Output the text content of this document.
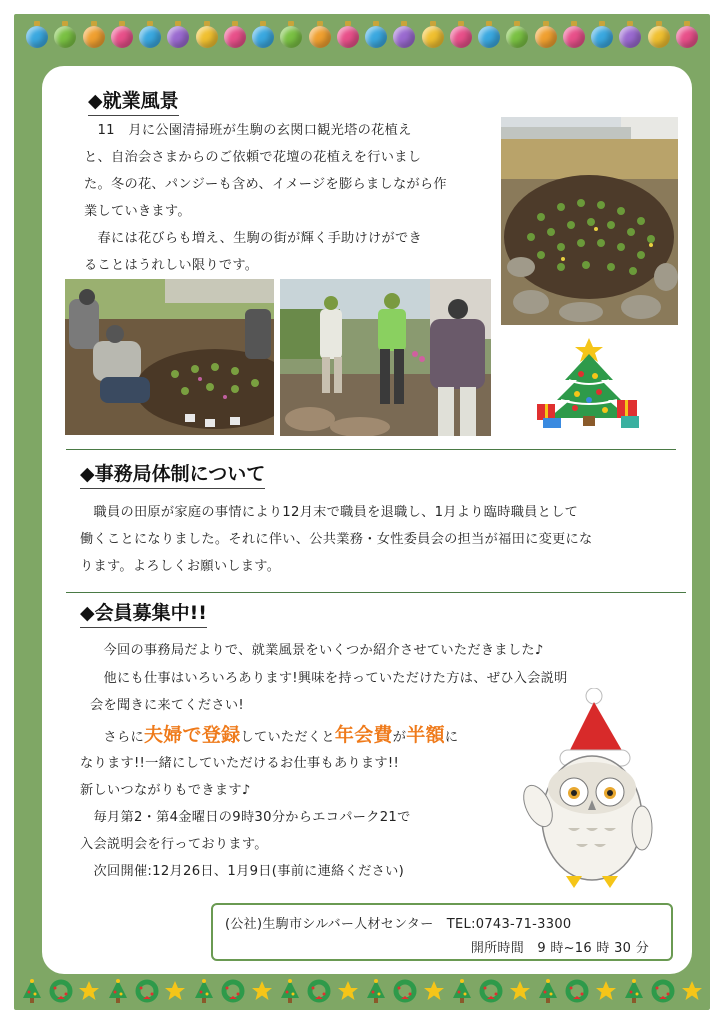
◆就業風景

　11　月に公園清掃班が生駒の玄関口観光塔の花植え

と、自治会さまからのご依頼で花壇の花植えを行いまし

た。冬の花、パンジーも含め、イメージを膨らましながら作

業していきます。

　春には花びらも増え、生駒の街が輝く手助けけができ

ることはうれしい限りです。

◆事務局体制について

　職員の田原が家庭の事情により12月末で職員を退職し、1月より臨時職員として

働くことになりました。それに伴い、公共業務・女性委員会の担当が福田に変更にな

ります。よろしくお願いします。

◆会員募集中!!

　今回の事務局だよりで、就業風景をいくつか紹介させていただきました♪

　他にも仕事はいろいろあります!興味を持っていただけた方は、ぜひ入会説明

会を聞きに来てください!

　さらに夫婦で登録していただくと年会費が半額に

なります!!一緒にしていただけるお仕事もあります!!

新しいつながりもできます♪

　毎月第2・第4金曜日の9時30分からエコパーク21で

入会説明会を行っております。

　次回開催:12月26日、1月9日(事前に連絡ください)

(公社)生駒市シルバー人材センター　TEL:0743-71-3300
開所時間　9 時~16 時 30 分
